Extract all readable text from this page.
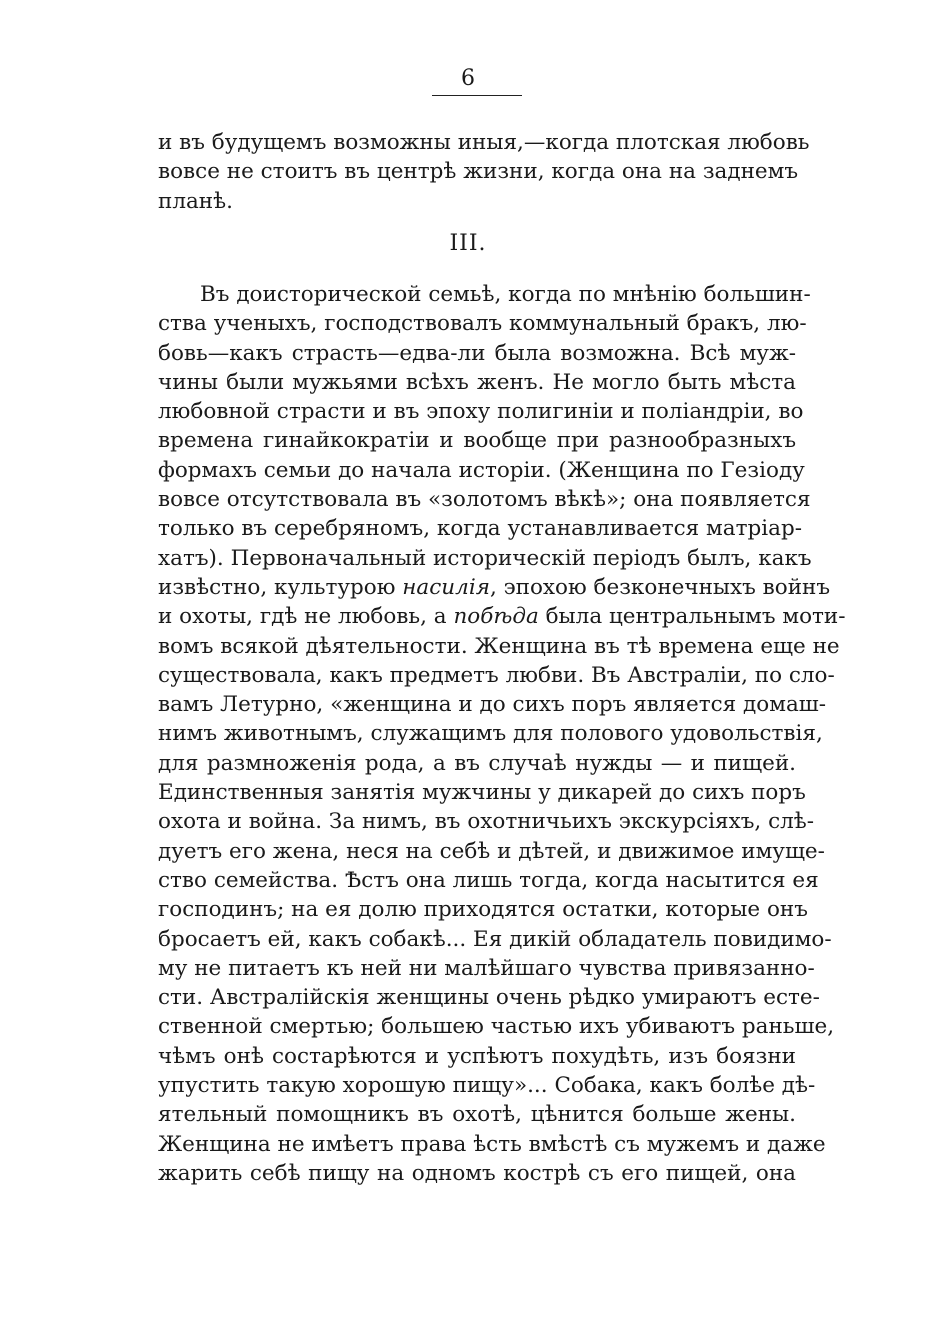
6
и въ будущемъ возможны иныя,—когда плотская любовь
вовсе не стоитъ въ центрѣ жизни, когда она на заднемъ
планѣ.
III.
Въ доисторической семьѣ, когда по мнѣнію большин-
ства ученыхъ, господствовалъ коммунальный бракъ, лю-
бовь—какъ страсть—едва-ли была возможна. Всѣ муж-
чины были мужьями всѣхъ женъ. Не могло быть мѣста
любовной страсти и въ эпоху полигиніи и поліандріи, во
времена гинайкократіи и вообще при разнообразныхъ
формахъ семьи до начала исторіи. (Женщина по Гезіоду
вовсе отсутствовала въ «золотомъ вѣкѣ»; она появляется
только въ серебряномъ, когда устанавливается матріар-
хатъ). Первоначальный историческій періодъ былъ, какъ
извѣстно, культурою насилія, эпохою безконечныхъ войнъ
и охоты, гдѣ не любовь, а побѣда была центральнымъ моти-
вомъ всякой дѣятельности. Женщина въ тѣ времена еще не
существовала, какъ предметъ любви. Въ Австраліи, по сло-
вамъ Летурно, «женщина и до сихъ поръ является домаш-
нимъ животнымъ, служащимъ для полового удовольствія,
для размноженія рода, а въ случаѣ нужды — и пищей.
Единственныя занятія мужчины у дикарей до сихъ поръ
охота и война. За нимъ, въ охотничьихъ экскурсіяхъ, слѣ-
дуетъ его жена, неся на себѣ и дѣтей, и движимое имуще-
ство семейства. Ѣстъ она лишь тогда, когда насытится ея
господинъ; на ея долю приходятся остатки, которые онъ
бросаетъ ей, какъ собакѣ... Ея дикій обладатель повидимо-
му не питаетъ къ ней ни малѣйшаго чувства привязанно-
сти. Австралійскія женщины очень рѣдко умираютъ есте-
ственной смертью; большею частью ихъ убиваютъ раньше,
чѣмъ онѣ состарѣются и успѣютъ похудѣть, изъ боязни
упустить такую хорошую пищу»... Собака, какъ болѣе дѣ-
ятельный помощникъ въ охотѣ, цѣнится больше жены.
Женщина не имѣетъ права ѣсть вмѣстѣ съ мужемъ и даже
жарить себѣ пищу на одномъ кострѣ съ его пищей, она
